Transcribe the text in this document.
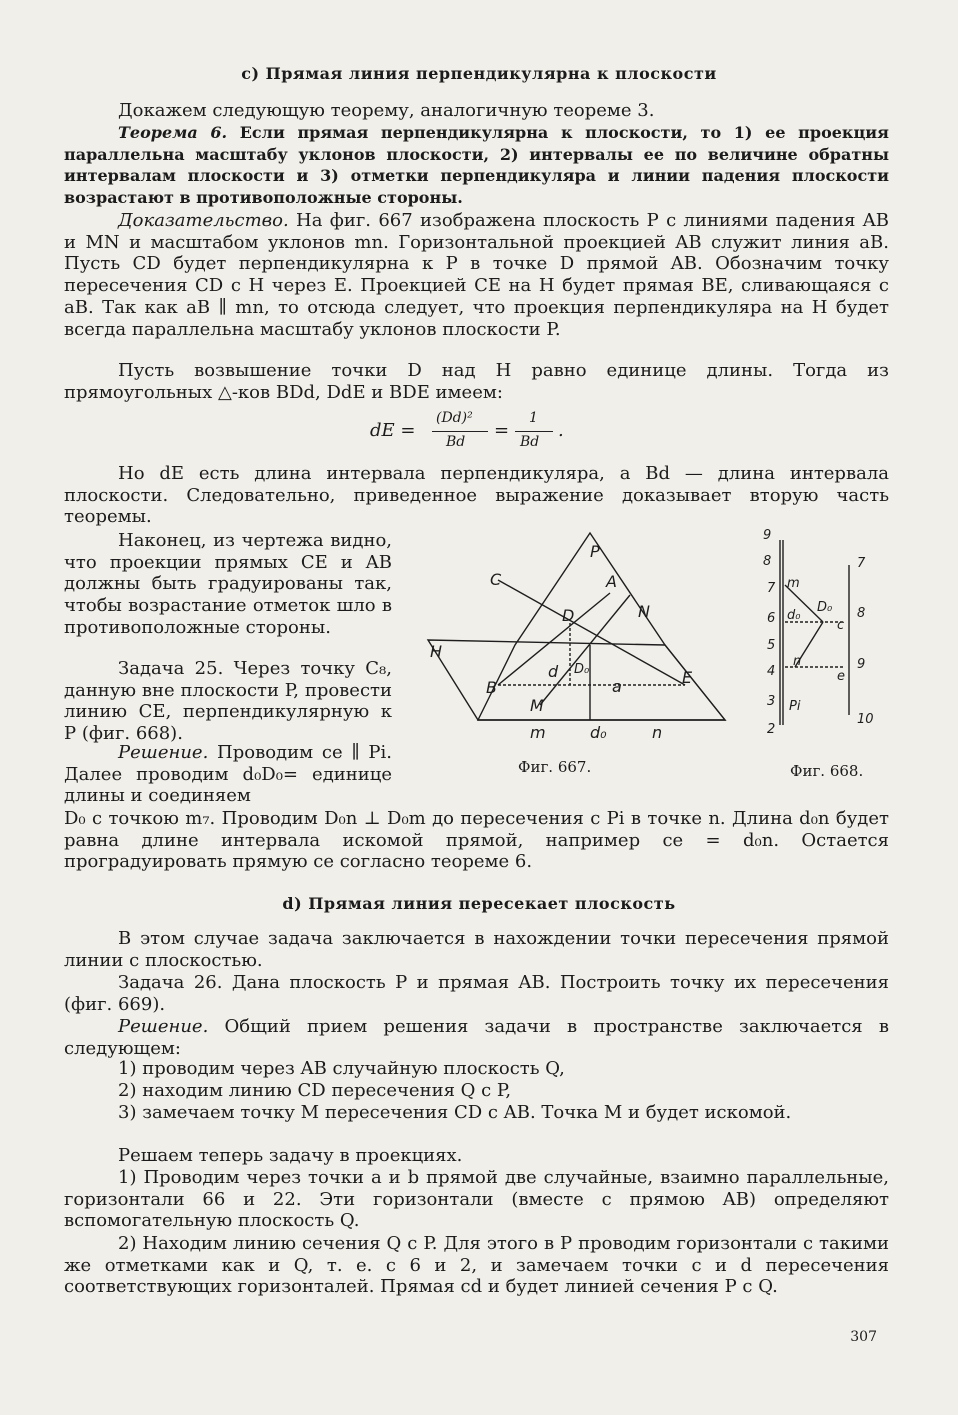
c) Прямая линия перпендикулярна к плоскости
Докажем следующую теорему, аналогичную теореме 3.
Теорема 6. Если прямая перпендикулярна к плоскости, то 1) ее проекция параллельна масштабу уклонов плоскости, 2) интервалы ее по величине обратны интервалам плоскости и 3) отметки перпендикуляра и линии падения плоскости возрастают в противоположные стороны.
Доказательство. На фиг. 667 изображена плоскость P с линиями падения AB и MN и масштабом уклонов mn. Горизонтальной проекцией AB служит линия aB. Пусть CD будет перпендикулярна к P в точке D прямой AB. Обозначим точку пересечения CD с H через E. Проекцией CE на H будет прямая BE, сливающаяся с aB. Так как aB ∥ mn, то отсюда следует, что проекция перпендикуляра на H будет всегда параллельна масштабу уклонов плоскости P.
Пусть возвышение точки D над H равно единице длины. Тогда из прямоугольных △-ков BDd, DdE и BDE имеем:
dE =
(Dd)²
Bd
=
1
Bd
.
Но dE есть длина интервала перпендикуляра, а Bd — длина интервала плоскости. Следовательно, приведенное выражение доказывает вторую часть теоремы.
Наконец, из чертежа видно, что проекции прямых CE и AB должны быть градуированы так, чтобы возрастание отметок шло в противоположные стороны.
Задача 25. Через точку C₈, данную вне плоскости P, провести линию CE, перпендикулярную к P (фиг. 668).
Решение. Проводим ce ∥ Pi. Далее проводим d₀D₀= единице длины и соединяем
D₀ с точкою m₇. Проводим D₀n ⊥ D₀m до пересечения с Pi в точке n. Длина d₀n будет равна длине интервала искомой прямой, например ce = d₀n. Остается проградуировать прямую ce согласно теореме 6.
P
C	A
N
D
H
d D₀
B	a	E
M
m	d₀	n
Фиг. 667.
9
8
7 m
6 d₀
D₀ 8
c
5
n
4	9
e
3 Pi
2
10
7
Фиг. 668.
d) Прямая линия пересекает плоскость
В этом случае задача заключается в нахождении точки пересечения прямой линии с плоскостью.
Задача 26. Дана плоскость P и прямая AB. Построить точку их пересечения (фиг. 669).
Решение. Общий прием решения задачи в пространстве заключается в следующем:
1) проводим через AB случайную плоскость Q,
2) находим линию CD пересечения Q с P,
3) замечаем точку M пересечения CD с AB. Точка M и будет искомой.
Решаем теперь задачу в проекциях.
1) Проводим через точки a и b прямой две случайные, взаимно параллельные, горизонтали 66 и 22. Эти горизонтали (вместе с прямою AB) определяют вспомогательную плоскость Q.
2) Находим линию сечения Q с P. Для этого в P проводим горизонтали с такими же отметками как и Q, т. е. с 6 и 2, и замечаем точки c и d пересечения соответствующих горизонталей. Прямая cd и будет линией сечения P с Q.
307
